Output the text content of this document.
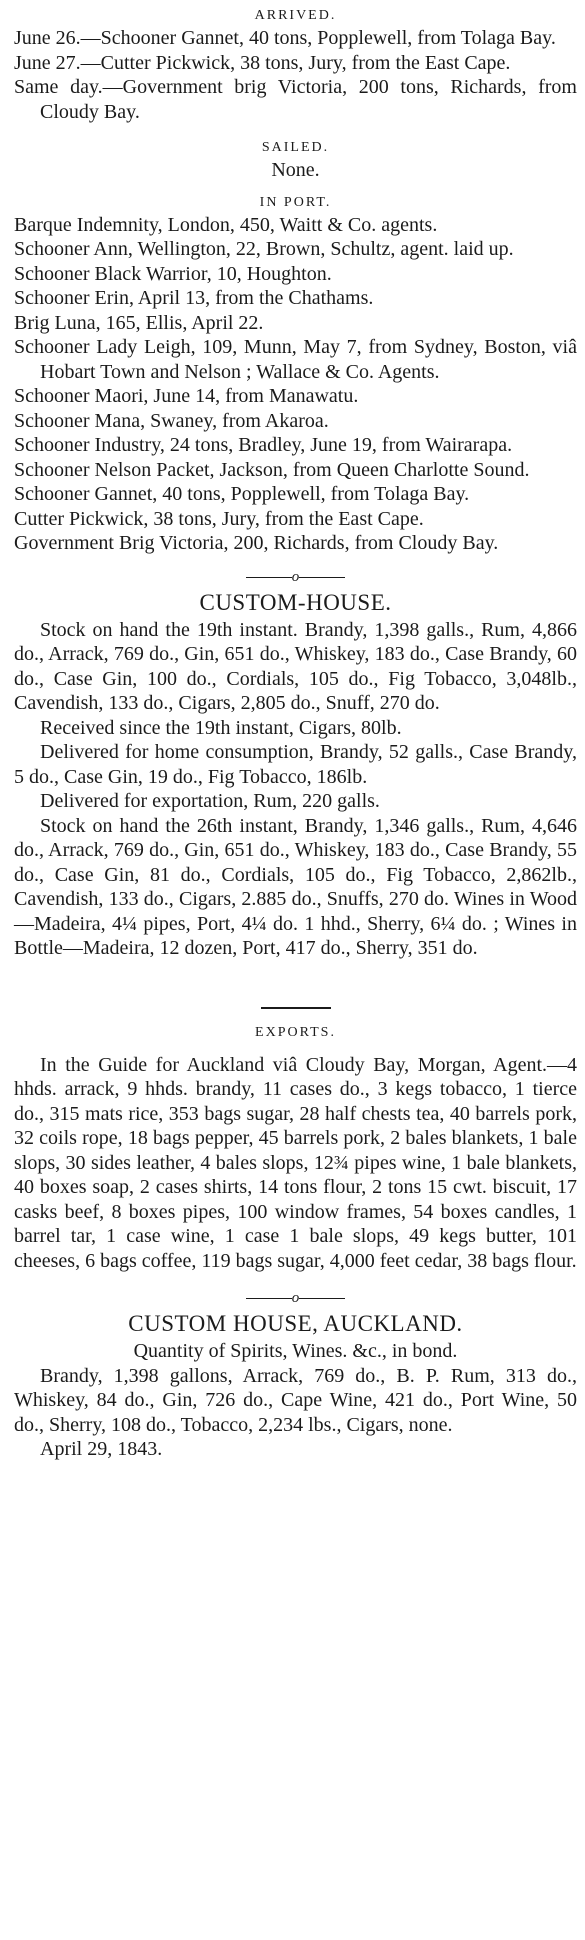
ARRIVED.

June 26.—Schooner Gannet, 40 tons, Popplewell, from Tolaga Bay.

June 27.—Cutter Pickwick, 38 tons, Jury, from the East Cape.

Same day.—Government brig Victoria, 200 tons, Richards, from Cloudy Bay.

SAILED.

None.

IN PORT.

Barque Indemnity, London, 450, Waitt & Co. agents.

Schooner Ann, Wellington, 22, Brown, Schultz, agent. laid up.

Schooner Black Warrior, 10, Houghton.

Schooner Erin, April 13, from the Chathams.

Brig Luna, 165, Ellis, April 22.

Schooner Lady Leigh, 109, Munn, May 7, from Sydney, Boston, viâ Hobart Town and Nelson ; Wallace & Co. Agents.

Schooner Maori, June 14, from Manawatu.

Schooner Mana, Swaney, from Akaroa.

Schooner Industry, 24 tons, Bradley, June 19, from Wairarapa.

Schooner Nelson Packet, Jackson, from Queen Charlotte Sound.

Schooner Gannet, 40 tons, Popplewell, from Tolaga Bay.

Cutter Pickwick, 38 tons, Jury, from the East Cape.

Government Brig Victoria, 200, Richards, from Cloudy Bay.

o

CUSTOM-HOUSE.

Stock on hand the 19th instant. Brandy, 1,398 galls., Rum, 4,866 do., Arrack, 769 do., Gin, 651 do., Whiskey, 183 do., Case Brandy, 60 do., Case Gin, 100 do., Cordials, 105 do., Fig Tobacco, 3,048lb., Cavendish, 133 do., Cigars, 2,805 do., Snuff, 270 do.

Received since the 19th instant, Cigars, 80lb.

Delivered for home consumption, Brandy, 52 galls., Case Brandy, 5 do., Case Gin, 19 do., Fig Tobacco, 186lb.

Delivered for exportation, Rum, 220 galls.

Stock on hand the 26th instant, Brandy, 1,346 galls., Rum, 4,646 do., Arrack, 769 do., Gin, 651 do., Whiskey, 183 do., Case Brandy, 55 do., Case Gin, 81 do., Cordials, 105 do., Fig Tobacco, 2,862lb., Cavendish, 133 do., Cigars, 2.885 do., Snuffs, 270 do. Wines in Wood—Madeira, 4¼ pipes, Port, 4¼ do. 1 hhd., Sherry, 6¼ do. ; Wines in Bottle—Madeira, 12 dozen, Port, 417 do., Sherry, 351 do.

EXPORTS.

In the Guide for Auckland viâ Cloudy Bay, Morgan, Agent.—4 hhds. arrack, 9 hhds. brandy, 11 cases do., 3 kegs tobacco, 1 tierce do., 315 mats rice, 353 bags sugar, 28 half chests tea, 40 barrels pork, 32 coils rope, 18 bags pepper, 45 barrels pork, 2 bales blankets, 1 bale slops, 30 sides leather, 4 bales slops, 12¾ pipes wine, 1 bale blankets, 40 boxes soap, 2 cases shirts, 14 tons flour, 2 tons 15 cwt. biscuit, 17 casks beef, 8 boxes pipes, 100 window frames, 54 boxes candles, 1 barrel tar, 1 case wine, 1 case 1 bale slops, 49 kegs butter, 101 cheeses, 6 bags coffee, 119 bags sugar, 4,000 feet cedar, 38 bags flour.

o

CUSTOM HOUSE, AUCKLAND.

Quantity of Spirits, Wines. &c., in bond.

Brandy, 1,398 gallons, Arrack, 769 do., B. P. Rum, 313 do., Whiskey, 84 do., Gin, 726 do., Cape Wine, 421 do., Port Wine, 50 do., Sherry, 108 do., Tobacco, 2,234 lbs., Cigars, none.

April 29, 1843.
